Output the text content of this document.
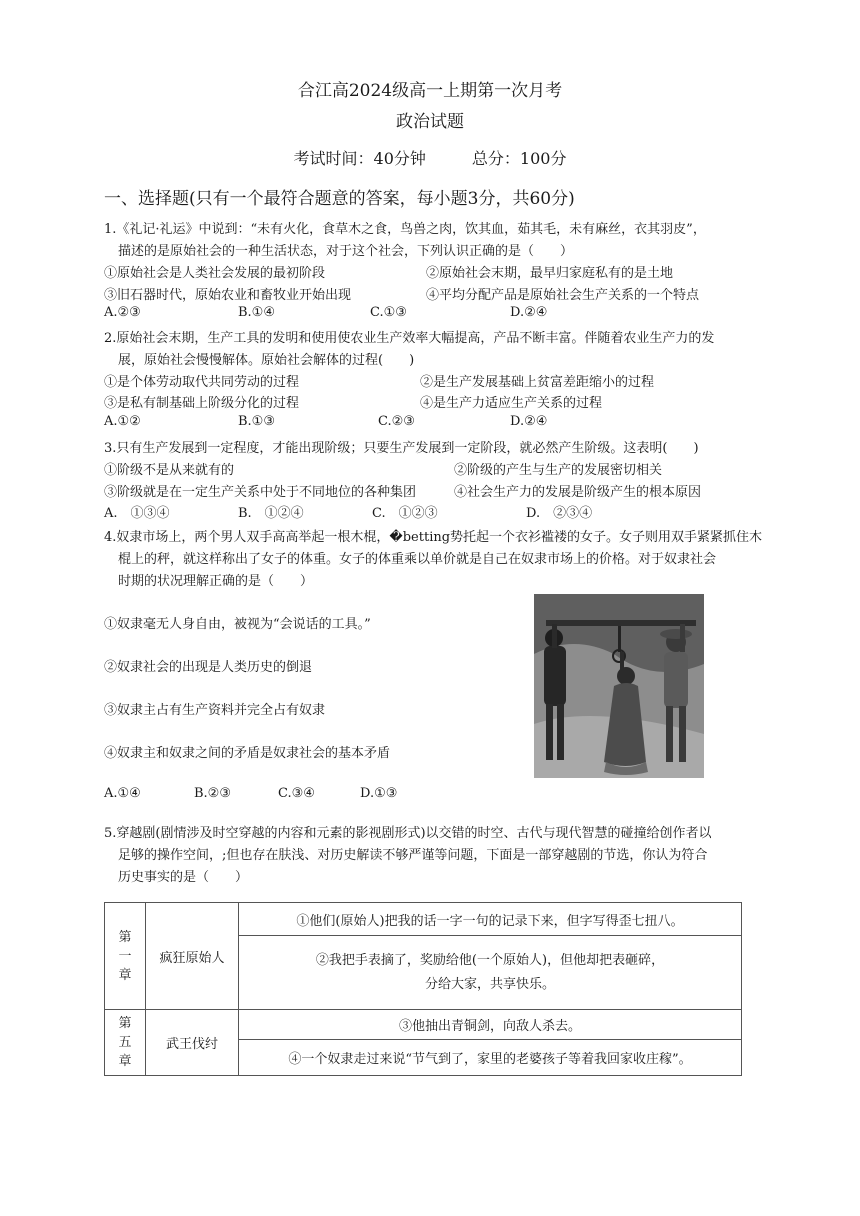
合江高2024级高一上期第一次月考
政治试题
考试时间：40分钟	总分：100分
一、选择题(只有一个最符合题意的答案，每小题3分，共60分)
1.《礼记·礼运》中说到：“未有火化，食草木之食，鸟兽之肉，饮其血，茹其毛，未有麻丝，衣其羽皮”，
描述的是原始社会的一种生活状态，对于这个社会，下列认识正确的是（　　）
①原始社会是人类社会发展的最初阶段	②原始社会末期，最早归家庭私有的是土地
③旧石器时代，原始农业和畜牧业开始出现	④平均分配产品是原始社会生产关系的一个特点
A.②③	B.①④	C.①③	D.②④
2.原始社会末期，生产工具的发明和使用使农业生产效率大幅提高，产品不断丰富。伴随着农业生产力的发
展，原始社会慢慢解体。原始社会解体的过程(　　)
①是个体劳动取代共同劳动的过程	②是生产发展基础上贫富差距缩小的过程
③是私有制基础上阶级分化的过程	④是生产力适应生产关系的过程
A.①②	B.①③	C.②③	D.②④
3.只有生产发展到一定程度，才能出现阶级；只要生产发展到一定阶段，就必然产生阶级。这表明(　　)
①阶级不是从来就有的	②阶级的产生与生产的发展密切相关
③阶级就是在一定生产关系中处于不同地位的各种集团	④社会生产力的发展是阶级产生的根本原因
A.　①③④	B.　①②④	C.　①②③	D.　②③④
4.奴隶市场上，两个男人双手高高举起一根木棍，�betting势托起一个衣衫褴褛的女子。女子则用双手紧紧抓住木
棍上的秤，就这样称出了女子的体重。女子的体重乘以单价就是自己在奴隶市场上的价格。对于奴隶社会
时期的状况理解正确的是（　　）
①奴隶毫无人身自由，被视为“会说话的工具。”
②奴隶社会的出现是人类历史的倒退
③奴隶主占有生产资料并完全占有奴隶
④奴隶主和奴隶之间的矛盾是奴隶社会的基本矛盾
A.①④	B.②③	C.③④	D.①③
5.穿越剧(剧情涉及时空穿越的内容和元素的影视剧形式)以交错的时空、古代与现代智慧的碰撞给创作者以
足够的操作空间，;但也存在肤浅、对历史解读不够严谨等问题，下面是一部穿越剧的节选，你认为符合
历史事实的是（　　）
第一章	疯狂原始人	①他们(原始人)把我的话一字一句的记录下来，但字写得歪七扭八。

		②我把手表摘了，奖励给他(一个原始人)，但他却把表砸碎，
分给大家，共享快乐。

第五章	武王伐纣	③他抽出青铜剑，向敌人杀去。
		④一个奴隶走过来说“节气到了，家里的老婆孩子等着我回家收庄稼”。
